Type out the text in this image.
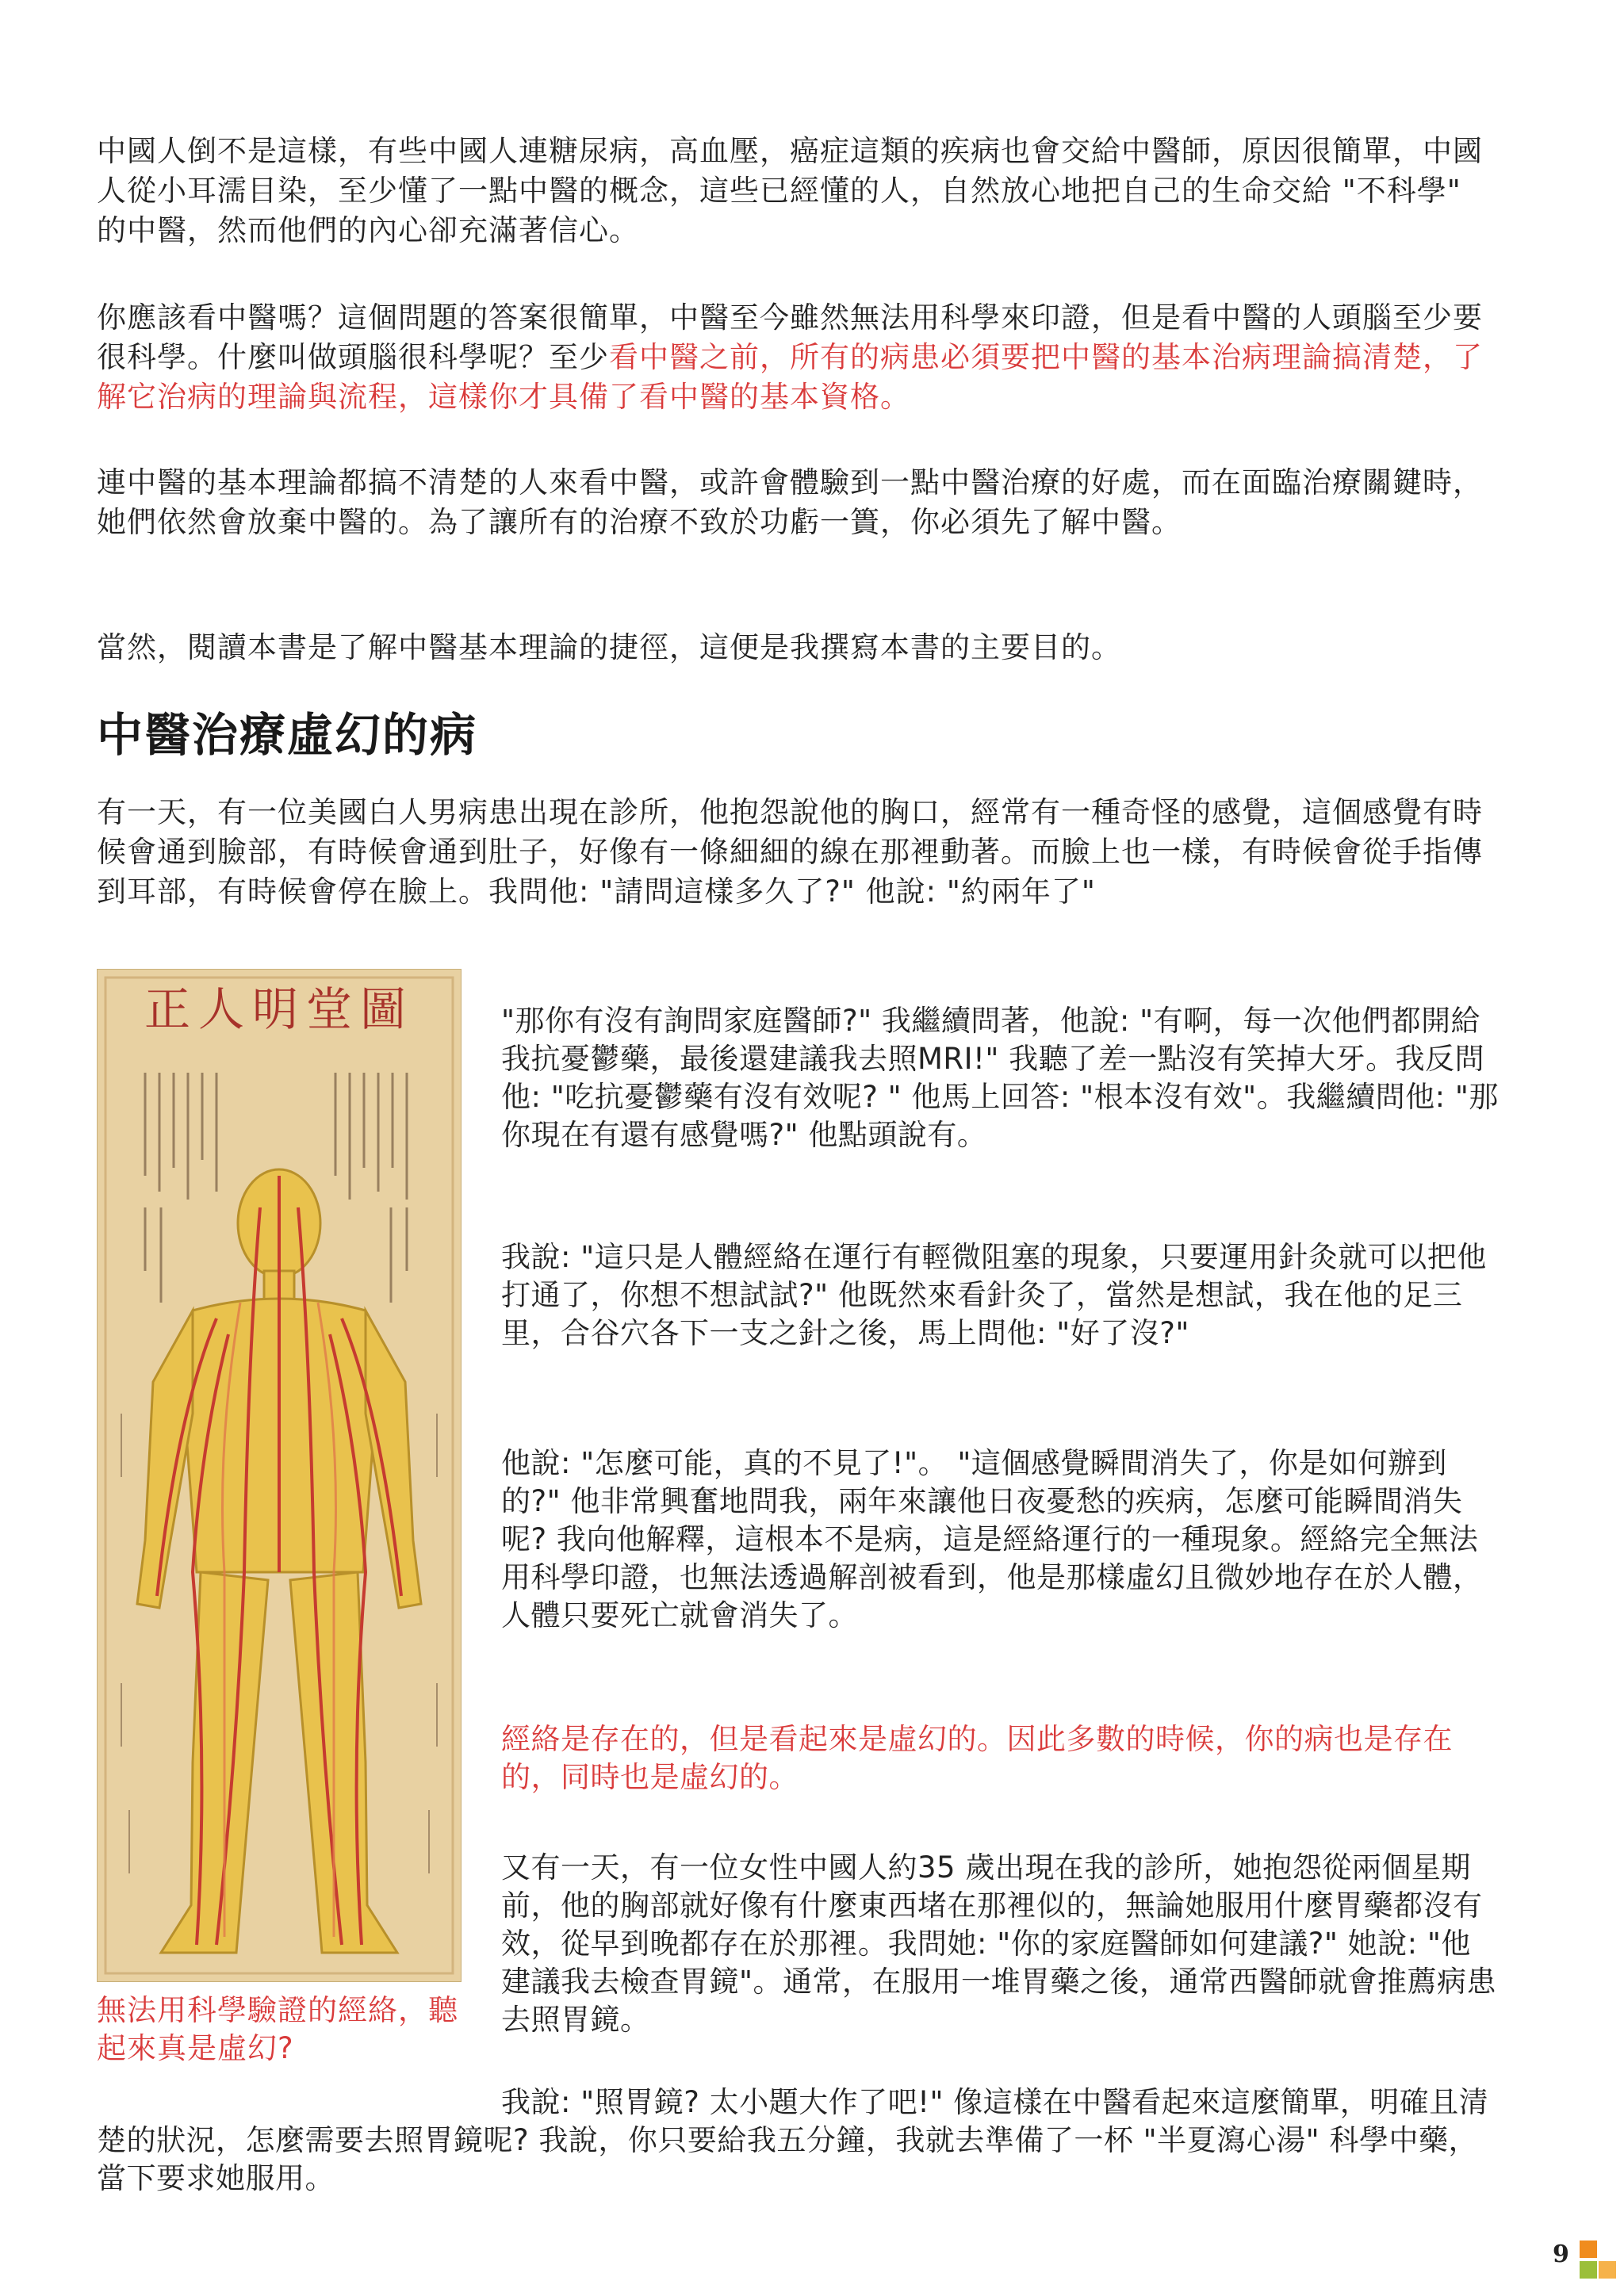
中國人倒不是這樣，有些中國人連糖尿病，高血壓，癌症這類的疾病也會交給中醫師，原因很簡單，中國人從小耳濡目染，至少懂了一點中醫的概念，這些已經懂的人，自然放心地把自己的生命交給 "不科學" 的中醫，然而他們的內心卻充滿著信心。

你應該看中醫嗎？這個問題的答案很簡單，中醫至今雖然無法用科學來印證，但是看中醫的人頭腦至少要很科學。什麼叫做頭腦很科學呢？至少看中醫之前，所有的病患必須要把中醫的基本治病理論搞清楚，了解它治病的理論與流程，這樣你才具備了看中醫的基本資格。

連中醫的基本理論都搞不清楚的人來看中醫，或許會體驗到一點中醫治療的好處，而在面臨治療關鍵時，她們依然會放棄中醫的。為了讓所有的治療不致於功虧一簣，你必須先了解中醫。

當然，閱讀本書是了解中醫基本理論的捷徑，這便是我撰寫本書的主要目的。

中醫治療虛幻的病

有一天，有一位美國白人男病患出現在診所，他抱怨說他的胸口，經常有一種奇怪的感覺，這個感覺有時候會通到臉部，有時候會通到肚子，好像有一條細細的線在那裡動著。而臉上也一樣，有時候會從手指傳到耳部，有時候會停在臉上。我問他: "請問這樣多久了?" 他說: "約兩年了"

正人明堂圖

無法用科學驗證的經絡，聽起來真是虛幻?

"那你有沒有詢問家庭醫師?" 我繼續問著，他說: "有啊，每一次他們都開給我抗憂鬱藥，最後還建議我去照MRI!" 我聽了差一點沒有笑掉大牙。我反問他: "吃抗憂鬱藥有沒有效呢? " 他馬上回答: "根本沒有效"。我繼續問他: "那你現在有還有感覺嗎?" 他點頭說有。

我說: "這只是人體經絡在運行有輕微阻塞的現象，只要運用針灸就可以把他打通了，你想不想試試?" 他既然來看針灸了，當然是想試，我在他的足三里，合谷穴各下一支之針之後，馬上問他: "好了沒?"

他說: "怎麼可能，真的不見了!"。 "這個感覺瞬間消失了，你是如何辦到的?" 他非常興奮地問我，兩年來讓他日夜憂愁的疾病，怎麼可能瞬間消失呢? 我向他解釋，這根本不是病，這是經絡運行的一種現象。經絡完全無法用科學印證，也無法透過解剖被看到，他是那樣虛幻且微妙地存在於人體，人體只要死亡就會消失了。

經絡是存在的，但是看起來是虛幻的。因此多數的時候，你的病也是存在的，同時也是虛幻的。

又有一天，有一位女性中國人約35 歲出現在我的診所，她抱怨從兩個星期前，他的胸部就好像有什麼東西堵在那裡似的，無論她服用什麼胃藥都沒有效，從早到晚都存在於那裡。我問她: "你的家庭醫師如何建議?" 她說: "他建議我去檢查胃鏡"。通常，在服用一堆胃藥之後，通常西醫師就會推薦病患去照胃鏡。

我說: "照胃鏡? 太小題大作了吧!" 像這樣在中醫看起來這麼簡單，明確且清楚的狀況，怎麼需要去照胃鏡呢? 我說，你只要給我五分鐘，我就去準備了一杯 "半夏瀉心湯" 科學中藥，當下要求她服用。

9
